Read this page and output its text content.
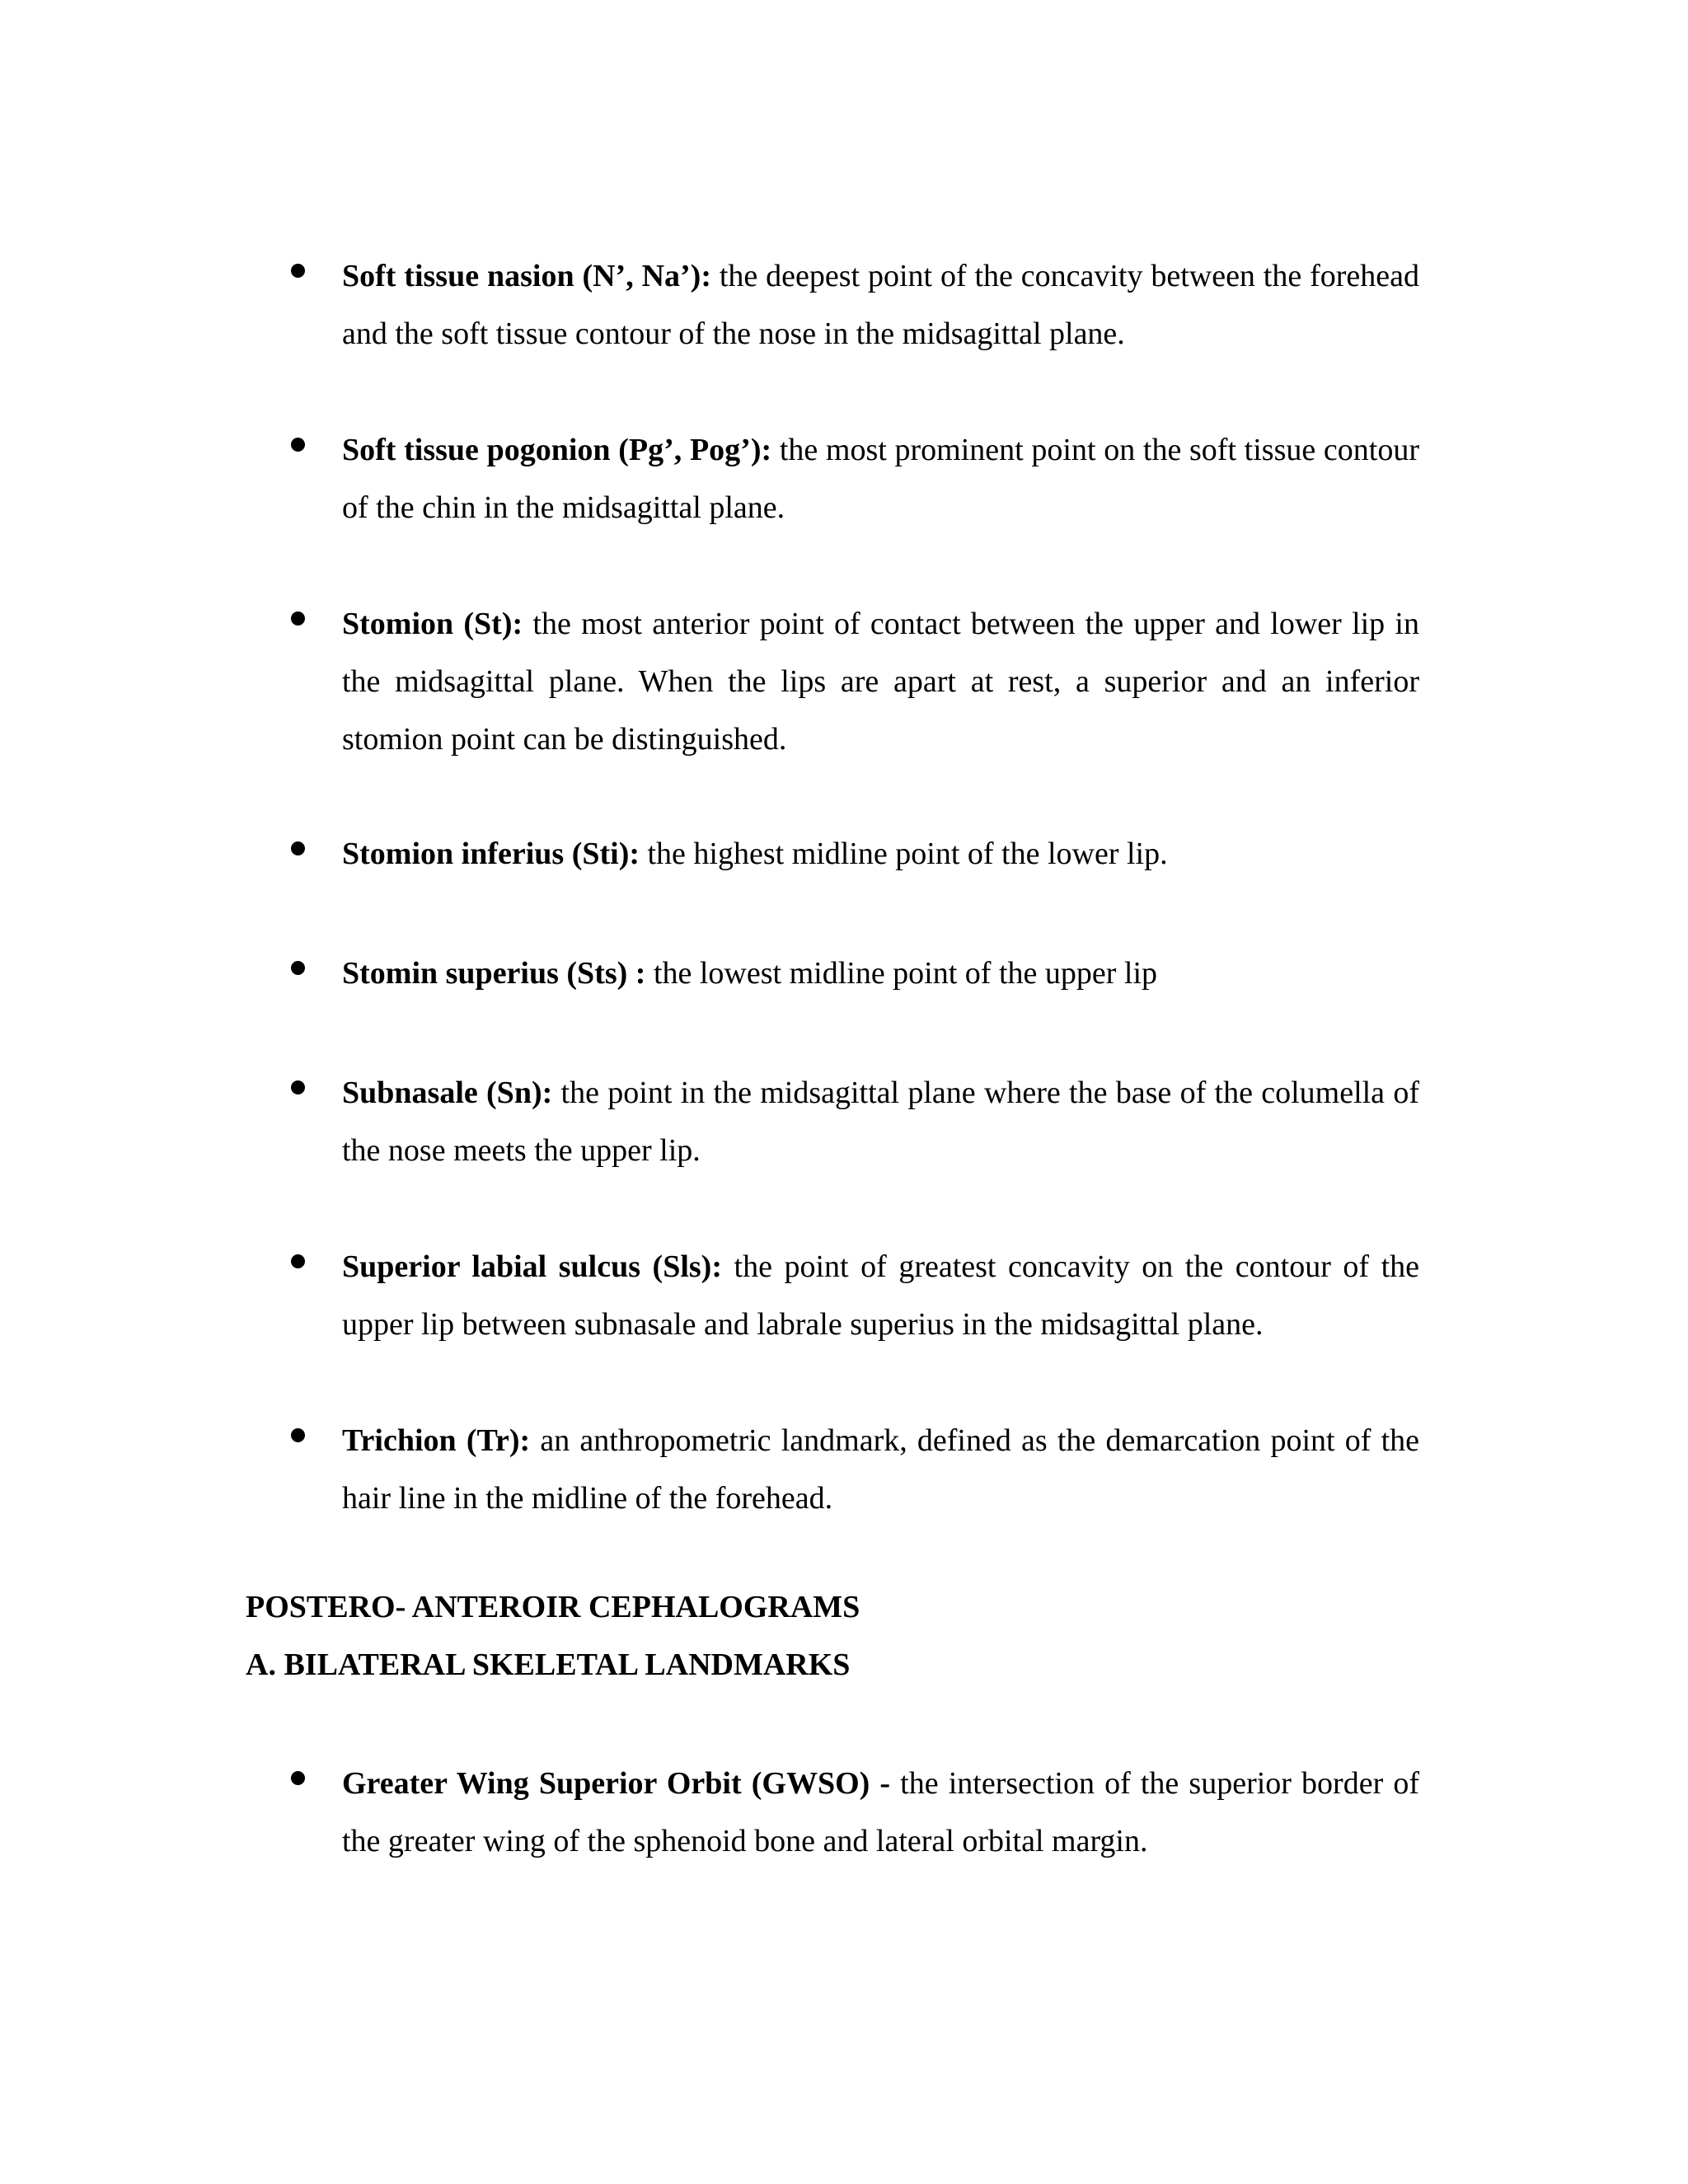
Soft tissue nasion (N’, Na’): the deepest point of the concavity between the forehead and the soft tissue contour of the nose in the midsagittal plane.

Soft tissue pogonion (Pg’, Pog’): the most prominent point on the soft tissue contour of the chin in the midsagittal plane.

Stomion (St): the most anterior point of contact between the upper and lower lip in the midsagittal plane. When the lips are apart at rest, a superior and an inferior stomion point can be distinguished.

Stomion inferius (Sti): the highest midline point of the lower lip.

Stomin superius (Sts) : the lowest midline point of the upper lip

Subnasale (Sn): the point in the midsagittal plane where the base of the columella of the nose meets the upper lip.

Superior labial sulcus (Sls): the point of greatest concavity on the contour of the upper lip between subnasale and labrale superius in the midsagittal plane.

Trichion (Tr): an anthropometric landmark, defined as the demarcation point of the hair line in the midline of the forehead.

POSTERO- ANTEROIR CEPHALOGRAMS
A. BILATERAL SKELETAL LANDMARKS

Greater Wing Superior Orbit (GWSO) - the intersection of the superior border of the greater wing of the sphenoid bone and lateral orbital margin.
